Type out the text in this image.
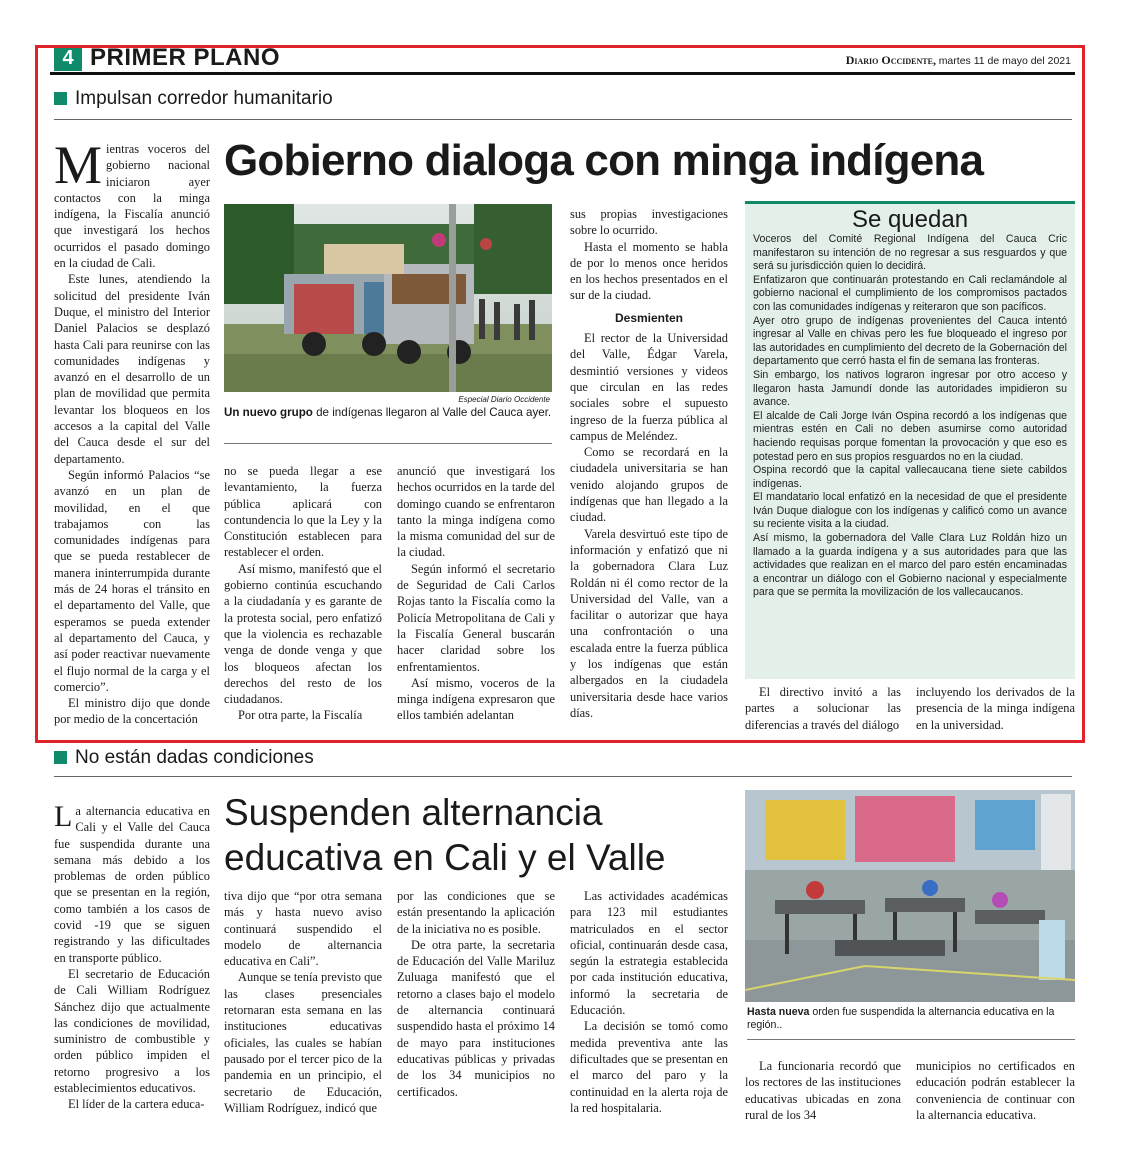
4 PRIMER PLANO	Diario Occidente, martes 11 de mayo del 2021
Impulsan corredor humanitario
M ientras voceros del gobierno nacional iniciaron ayer contactos con la minga indígena, la Fiscalía anunció que investigará los hechos ocurridos el pasado domingo en la ciudad de Cali.

Este lunes, atendiendo la solicitud del presidente Iván Duque, el ministro del Interior Daniel Palacios se desplazó hasta Cali para reunirse con las comunidades indígenas y avanzó en el desarrollo de un plan de movilidad que permita levantar los bloqueos en los accesos a la capital del Valle del Cauca desde el sur del departamento.

Según informó Palacios “se avanzó en un plan de movilidad, en el que trabajamos con las comunidades indígenas para que se pueda restablecer de manera ininterrumpida durante más de 24 horas el tránsito en el departamento del Valle, que esperamos se pueda extender al departamento del Cauca, y así poder reactivar nuevamente el flujo normal de la carga y el comercio”.

El ministro dijo que donde por medio de la concertación

Gobierno dialoga con minga indígena
Especial Diario Occidente
Un nuevo grupo de indígenas llegaron al Valle del Cauca ayer.

no se pueda llegar a ese levantamiento, la fuerza pública aplicará con contundencia lo que la Ley y la Constitución establecen para restablecer el orden.

Así mismo, manifestó que el gobierno continúa escuchando a la ciudadanía y es garante de la protesta social, pero enfatizó que la violencia es rechazable venga de donde venga y que los bloqueos afectan los derechos del resto de los ciudadanos.

Por otra parte, la Fiscalía

anunció que investigará los hechos ocurridos en la tarde del domingo cuando se enfrentaron tanto la minga indígena como la misma comunidad del sur de la ciudad.

Según informó el secretario de Seguridad de Cali Carlos Rojas tanto la Fiscalía como la Policía Metropolitana de Cali y la Fiscalía General buscarán hacer claridad sobre los enfrentamientos.

Así mismo, voceros de la minga indígena expresaron que ellos también adelantan

sus propias investigaciones sobre lo ocurrido.

Hasta el momento se habla de por lo menos once heridos en los hechos presentados en el sur de la ciudad.

Desmienten

El rector de la Universidad del Valle, Édgar Varela, desmintió versiones y videos que circulan en las redes sociales sobre el supuesto ingreso de la fuerza pública al campus de Meléndez.

Como se recordará en la ciudadela universitaria se han venido alojando grupos de indígenas que han llegado a la ciudad.

Varela desvirtuó este tipo de información y enfatizó que ni la gobernadora Clara Luz Roldán ni él como rector de la Universidad del Valle, van a facilitar o autorizar que haya una confrontación o una escalada entre la fuerza pública y los indígenas que están albergados en la ciudadela universitaria desde hace varios días.

Se quedan

Voceros del Comité Regional Indígena del Cauca Cric manifestaron su intención de no regresar a sus resguardos y que será su jurisdicción quien lo decidirá.

Enfatizaron que continuarán protestando en Cali reclamándole al gobierno nacional el cumplimiento de los compromisos pactados con las comunidades indígenas y reiteraron que son pacíficos.

Ayer otro grupo de indígenas provenientes del Cauca intentó ingresar al Valle en chivas pero les fue bloqueado el ingreso por las autoridades en cumplimiento del decreto de la Gobernación del departamento que cerró hasta el fin de semana las fronteras.

Sin embargo, los nativos lograron ingresar por otro acceso y llegaron hasta Jamundí donde las autoridades impidieron su avance.

El alcalde de Cali Jorge Iván Ospina recordó a los indígenas que mientras estén en Cali no deben asumirse como autoridad haciendo requisas porque fomentan la provocación y que eso es potestad pero en sus propios resguardos no en la ciudad.

Ospina recordó que la capital vallecaucana tiene siete cabildos indígenas.

El mandatario local enfatizó en la necesidad de que el presidente Iván Duque dialogue con los indígenas y calificó como un avance su reciente visita a la ciudad.

Así mismo, la gobernadora del Valle Clara Luz Roldán hizo un llamado a la guarda indígena y a sus autoridades para que las actividades que realizan en el marco del paro estén encaminadas a encontrar un diálogo con el Gobierno nacional y especialmente para que se permita la movilización de los vallecaucanos.

El directivo invitó a las partes a solucionar las diferencias a través del diálogo

incluyendo los derivados de la presencia de la minga indígena en la universidad.

No están dadas condiciones
L a alternancia educativa en Cali y el Valle del Cauca fue suspendida durante una semana más debido a los problemas de orden público que se presentan en la región, como también a los casos de covid -19 que se siguen registrando y las dificultades en transporte público.

El secretario de Educación de Cali William Rodríguez Sánchez dijo que actualmente las condiciones de movilidad, suministro de combustible y orden público impiden el retorno progresivo a los establecimientos educativos.

El líder de la cartera educa-

Suspenden alternancia
educativa en Cali y el Valle

tiva dijo que “por otra semana más y hasta nuevo aviso continuará suspendido el modelo de alternancia educativa en Cali”.

Aunque se tenía previsto que las clases presenciales retornaran esta semana en las instituciones educativas oficiales, las cuales se habían pausado por el tercer pico de la pandemia en un principio, el secretario de Educación, William Rodríguez, indicó que

por las condiciones que se están presentando la aplicación de la iniciativa no es posible.

De otra parte, la secretaria de Educación del Valle Mariluz Zuluaga manifestó que el retorno a clases bajo el modelo de alternancia continuará suspendido hasta el próximo 14 de mayo para instituciones educativas públicas y privadas de los 34 municipios no certificados.

Las actividades académicas para 123 mil estudiantes matriculados en el sector oficial, continuarán desde casa, según la estrategia establecida por cada institución educativa, informó la secretaria de Educación.

La decisión se tomó como medida preventiva ante las dificultades que se presentan en el marco del paro y la continuidad en la alerta roja de la red hospitalaria.

Hasta nueva orden fue suspendida la alternancia educativa en la región..

La funcionaria recordó que los rectores de las instituciones educativas ubicadas en zona rural de los 34

municipios no certificados en educación podrán establecer la conveniencia de continuar con la alternancia educativa.
